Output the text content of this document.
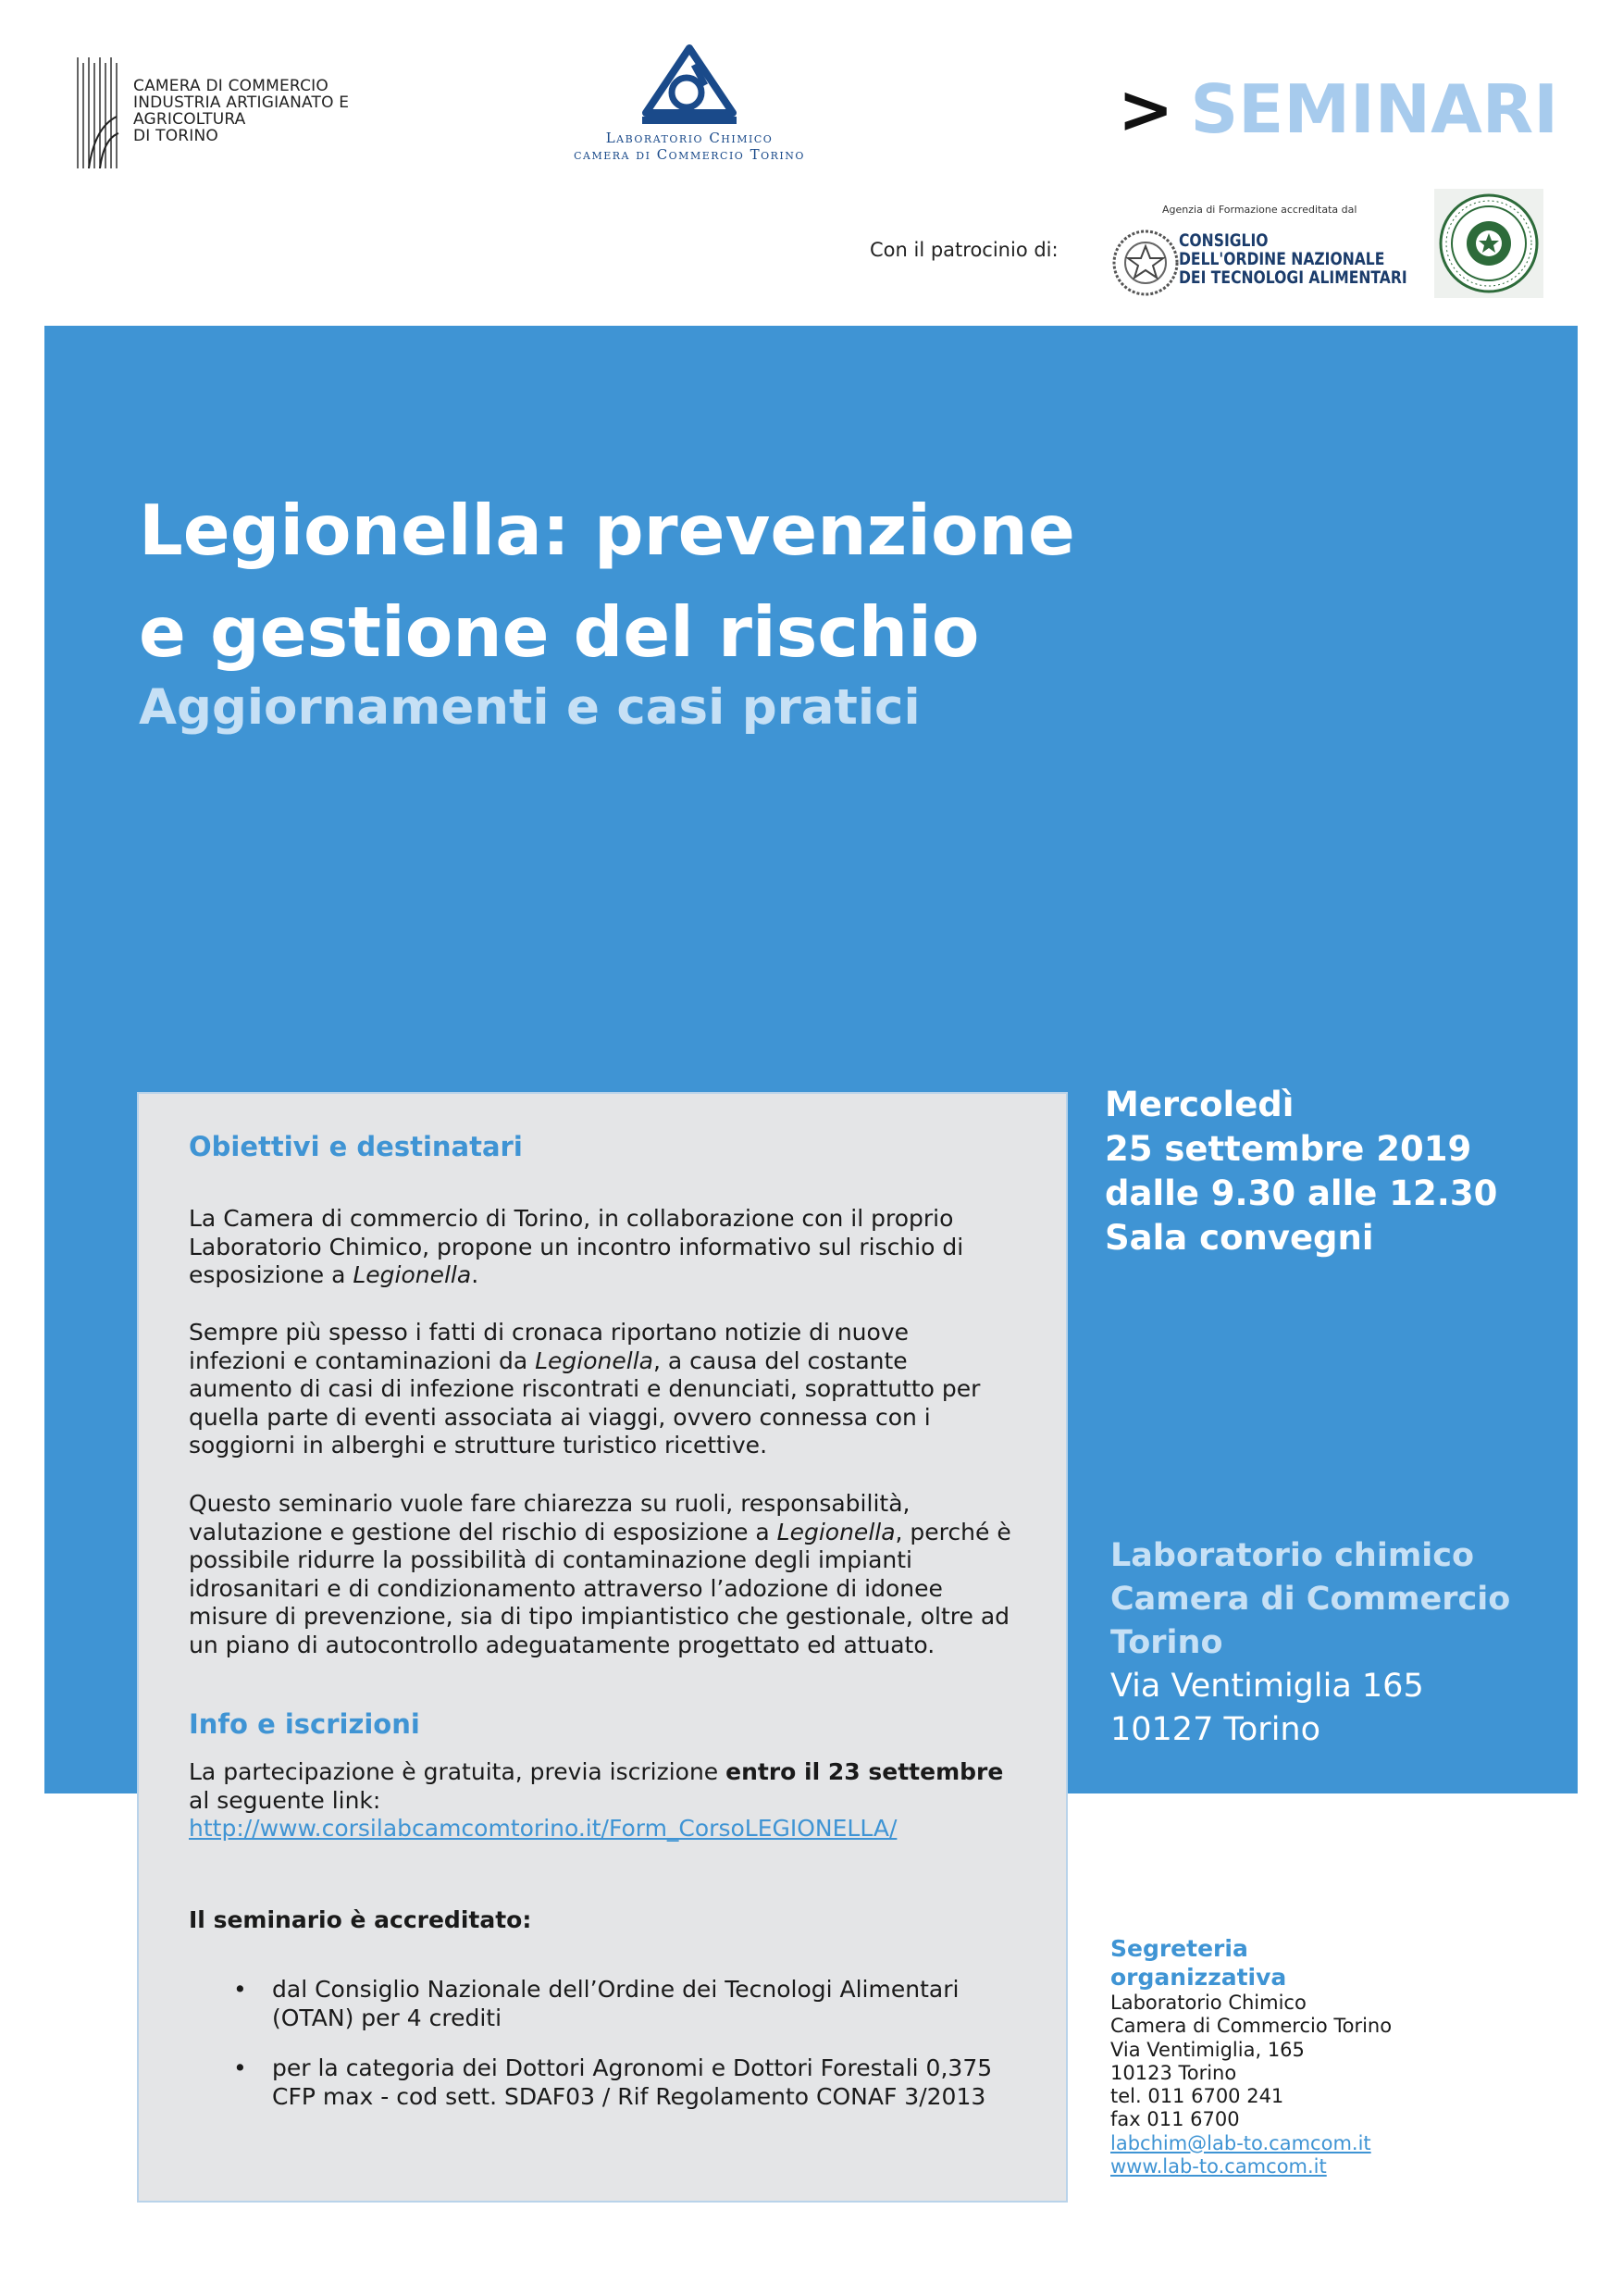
CAMERA DI COMMERCIO
INDUSTRIA ARTIGIANATO E AGRICOLTURA
DI TORINO	Laboratorio Chimico
camera di Commercio Torino
> SEMINARI
Con il patrocinio di:
Agenzia di Formazione accreditata dal
CONSIGLIO
DELL'ORDINE NAZIONALE
DEI TECNOLOGI ALIMENTARI
Legionella: prevenzione
e gestione del rischio
Aggiornamenti e casi pratici
Mercoledì
25 settembre 2019
dalle 9.30 alle 12.30
Sala convegni
Laboratorio chimico
Camera di Commercio
Torino
Via Ventimiglia 165
10127 Torino
Obiettivi e destinatari
La Camera di commercio di Torino, in collaborazione con il proprio
Laboratorio Chimico, propone un incontro informativo sul rischio di
esposizione a Legionella.
Sempre più spesso i fatti di cronaca riportano notizie di nuove
infezioni e contaminazioni da Legionella, a causa del costante
aumento di casi di infezione riscontrati e denunciati, soprattutto per
quella parte di eventi associata ai viaggi, ovvero connessa con i
soggiorni in alberghi e strutture turistico ricettive.
Questo seminario vuole fare chiarezza su ruoli, responsabilità,
valutazione e gestione del rischio di esposizione a Legionella, perché è
possibile ridurre la possibilità di contaminazione degli impianti
idrosanitari e di condizionamento attraverso l’adozione di idonee
misure di prevenzione, sia di tipo impiantistico che gestionale, oltre ad
un piano di autocontrollo adeguatamente progettato ed attuato.
Info e iscrizioni
La partecipazione è gratuita, previa iscrizione entro il 23 settembre
al seguente link:
http://www.corsilabcamcomtorino.it/Form_CorsoLEGIONELLA/
Il seminario è accreditato:
• dal Consiglio Nazionale dell’Ordine dei Tecnologi Alimentari
(OTAN) per 4 crediti
• per la categoria dei Dottori Agronomi e Dottori Forestali 0,375
CFP max - cod sett. SDAF03 / Rif Regolamento CONAF 3/2013
Segreteria
organizzativa
Laboratorio Chimico
Camera di Commercio Torino
Via Ventimiglia, 165
10123 Torino
tel. 011 6700 241
fax 011 6700
labchim@lab-to.camcom.it
www.lab-to.camcom.it
